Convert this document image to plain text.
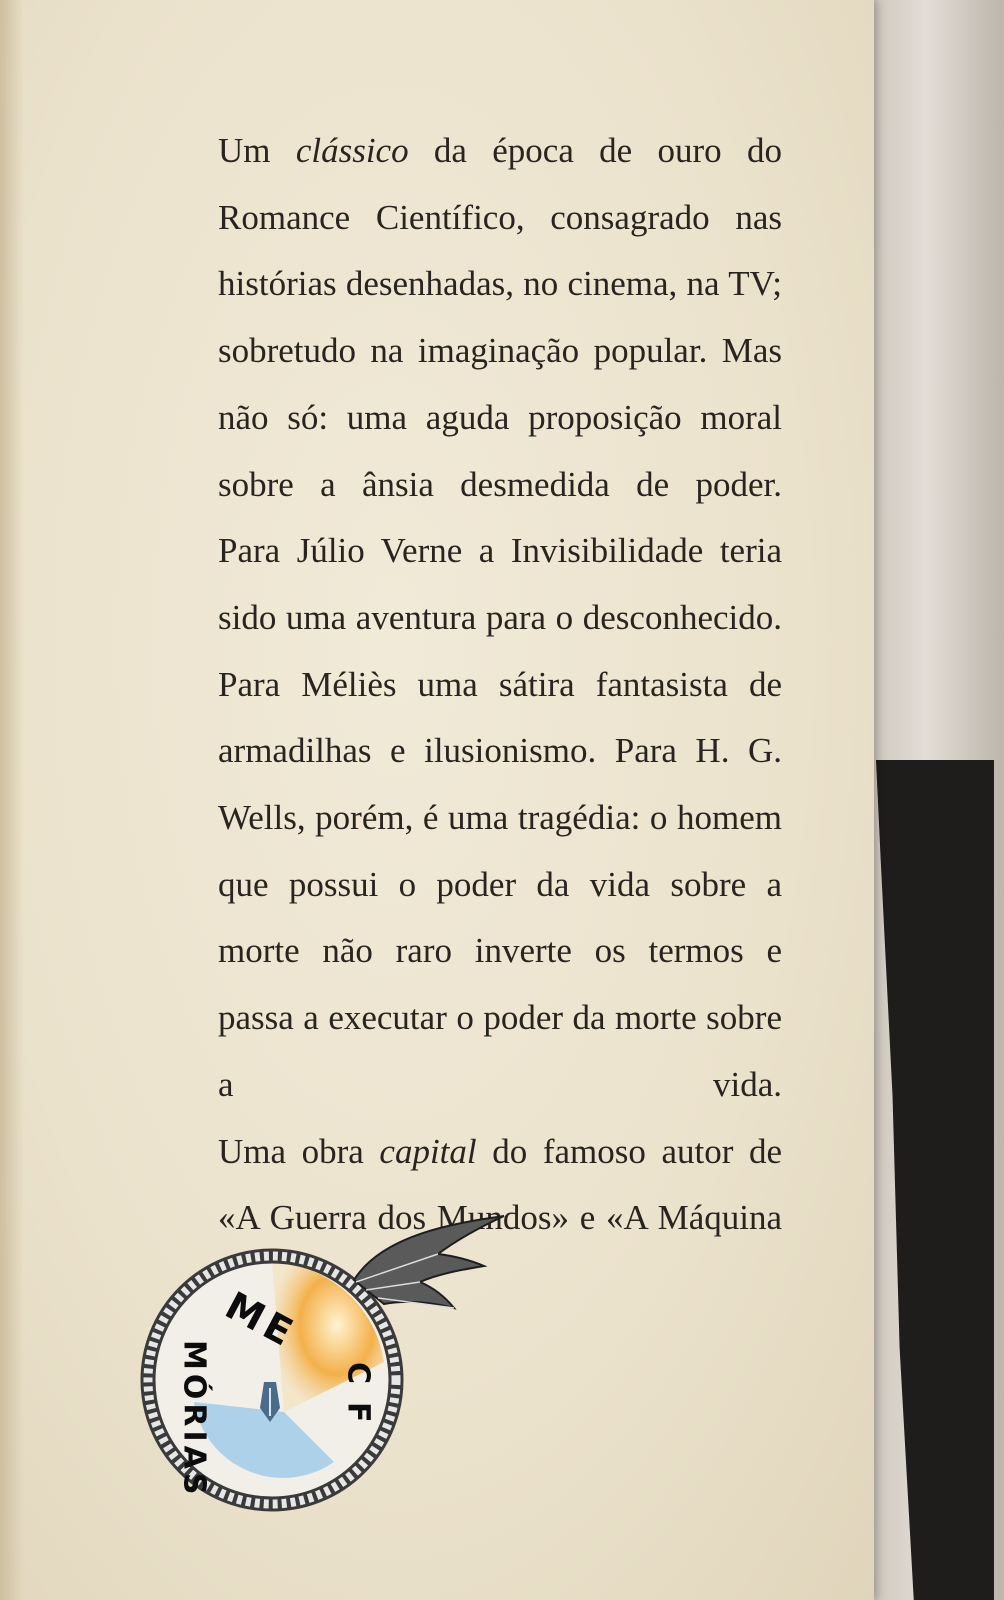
Um clássico da época de ouro do Romance Científico, consagrado nas histórias desenhadas, no cinema, na TV; sobretudo na imaginação popular. Mas não só: uma aguda proposição moral sobre a ânsia desmedida de poder.

Para Júlio Verne a Invisibilidade teria sido uma aventura para o desconhecido. Para Méliès uma sátira fantasista de armadilhas e ilusionismo. Para H. G. Wells, porém, é uma tragédia: o homem que possui o poder da vida sobre a morte não raro inverte os termos e passa a executar o poder da morte sobre a vida.

Uma obra capital do famoso autor de «A Guerra dos Mundos» e «A Máquina

ME
MÓRIAS	CF
